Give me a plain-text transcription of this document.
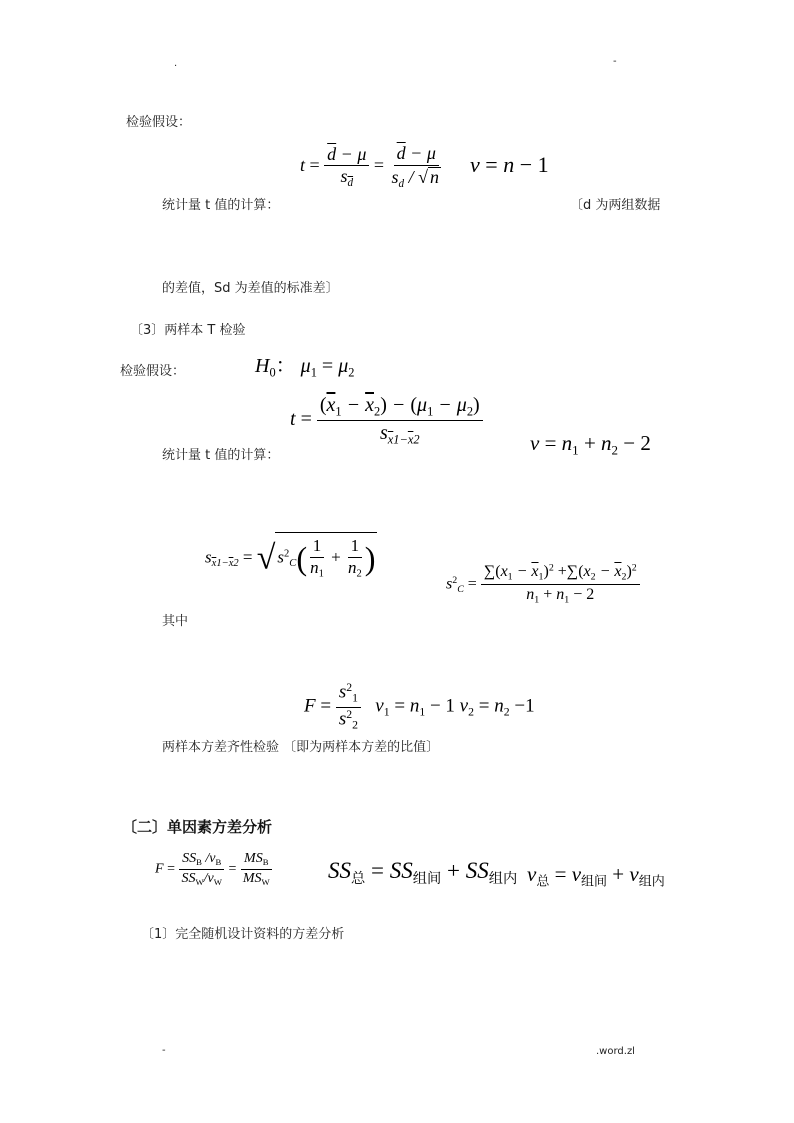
.	-
检验假设：
$t = \frac{\overline{d} - \mu}{s_{\overline{d}}} = \frac{\overline{d} - \mu}{s_d / √ n}$ ν = n − 1
统计量 t 值的计算：	〔d 为两组数据
的差值，Sd 为差值的标准差〕
〔3〕两样本 T 检验
检验假设：	$H_0$： $\mu_1 = \mu_2$
$t = \frac{(\overline{x}_1 - \overline{x}_2) - (\mu_1 - \mu_2)}{s_{\overline{x}1-\overline{x}2}}$ $\nu = n_1 + n_2 - 2$
统计量 t 值的计算：
$s_{\overline{x}1-\overline{x}2}$ = √ $s^2_C( \frac{1}{n_1} + \frac{1}{n_2}$ )
$s^2_C = \frac{\sum(x_1 - \overline{x}_1)^2 +\sum(x_2 - \overline{x}_2)^2}{n_1 + n_1 - 2}$
其中
$F = \frac{s^2_1}{s^2_2} \nu_1 = n_1 - 1$ $\nu_2 = n_2 -1$
两样本方差齐性检验 〔即为两样本方差的比值〕
〔二〕单因素方差分析
$F = \frac{SS_B /\nu_B}{SS_W/\nu_W} = \frac{MS_B}{MS_W} SS_总 = SS_{组间} + SS_{组内}$ $\nu_总 = \nu_{组间} + \nu_{组内}$
〔1〕完全随机设计资料的方差分析
-	.word.zl
